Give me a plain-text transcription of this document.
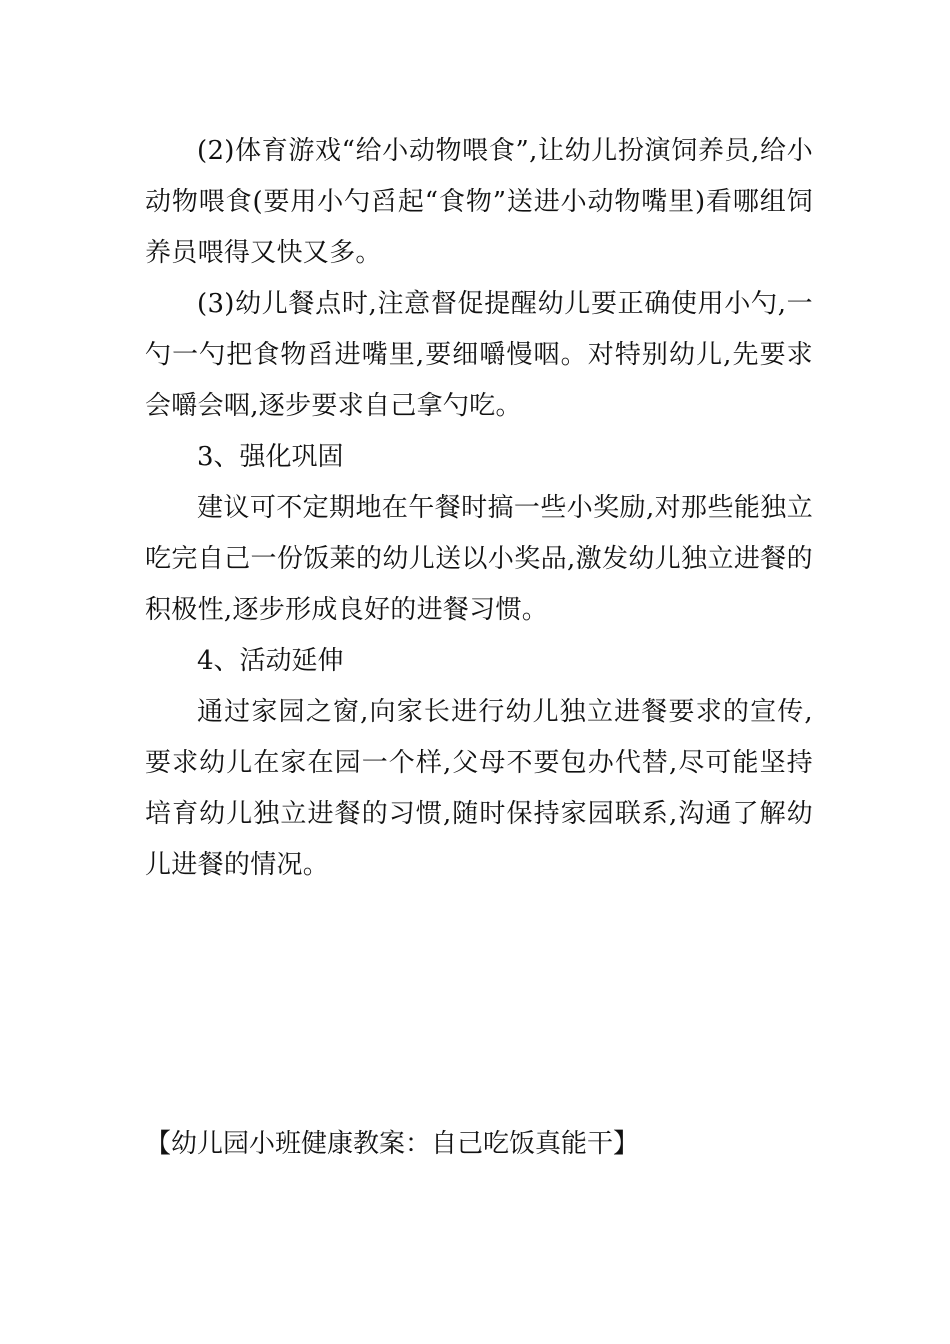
(2)体育游戏“给小动物喂食”,让幼儿扮演饲养员,给小动物喂食(要用小勺舀起“食物”送进小动物嘴里)看哪组饲养员喂得又快又多。

(3)幼儿餐点时,注意督促提醒幼儿要正确使用小勺,一勺一勺把食物舀进嘴里,要细嚼慢咽。对特别幼儿,先要求会嚼会咽,逐步要求自己拿勺吃。

3、强化巩固

建议可不定期地在午餐时搞一些小奖励,对那些能独立吃完自己一份饭莱的幼儿送以小奖品,激发幼儿独立进餐的积极性,逐步形成良好的进餐习惯。

4、活动延伸

通过家园之窗,向家长进行幼儿独立进餐要求的宣传,要求幼儿在家在园一个样,父母不要包办代替,尽可能坚持培育幼儿独立进餐的习惯,随时保持家园联系,沟通了解幼儿进餐的情况。

【幼儿园小班健康教案：自己吃饭真能干】
